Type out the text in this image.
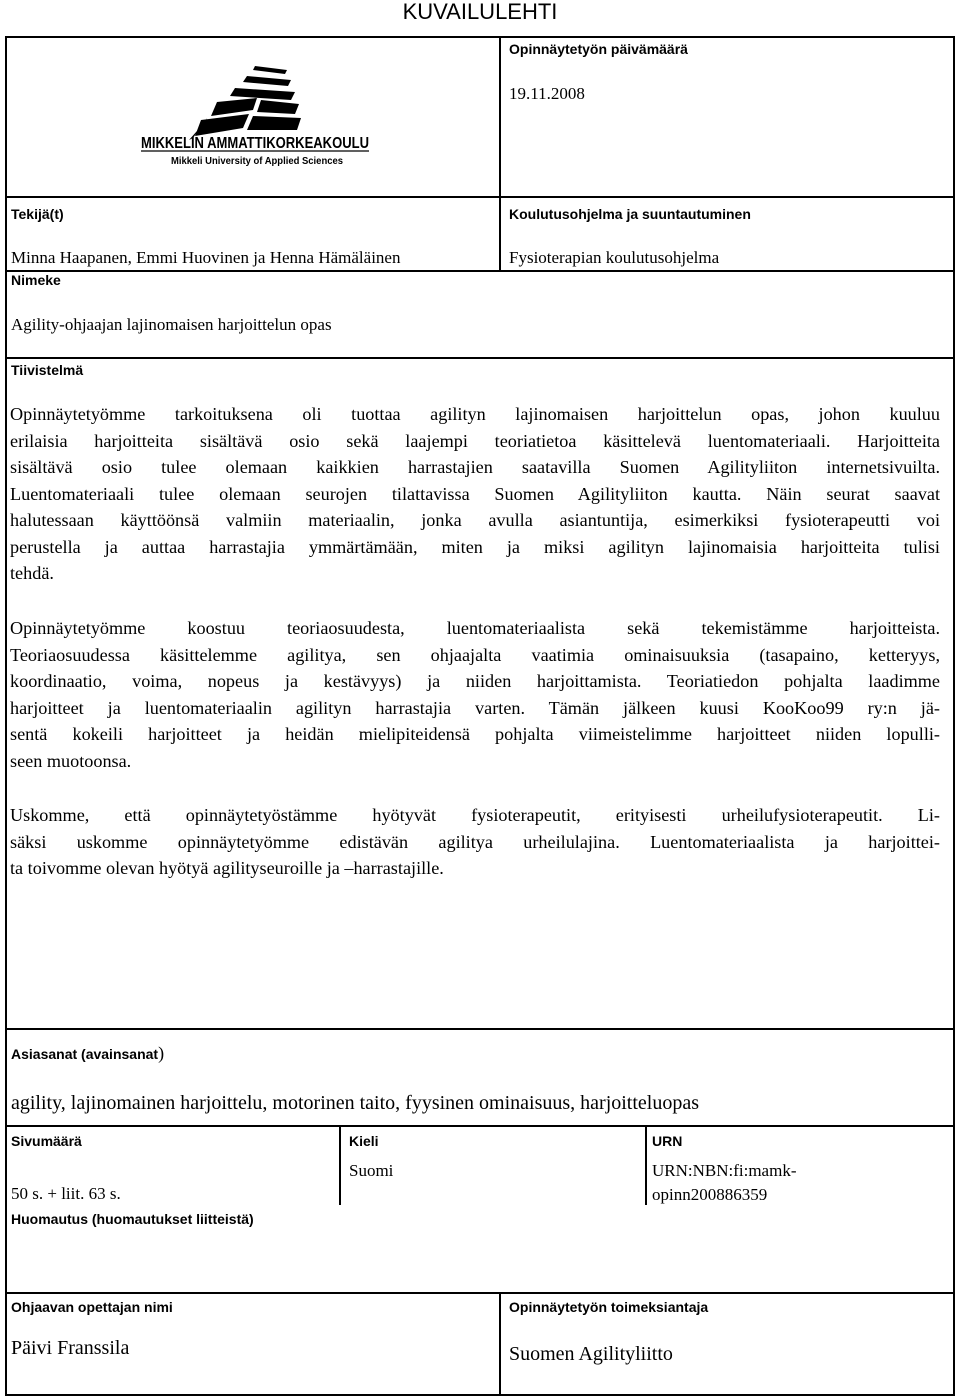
KUVAILULEHTI
MIKKELIN AMMATTIKORKEAKOULU
Mikkeli University of Applied Sciences
Opinnäytetyön päivämäärä
19.11.2008
Tekijä(t)
Minna Haapanen, Emmi Huovinen ja Henna Hämäläinen
Koulutusohjelma ja suuntautuminen
Fysioterapian koulutusohjelma
Nimeke
Agility-ohjaajan lajinomaisen harjoittelun opas
Tiivistelmä

Opinnäytetyömme tarkoituksena oli tuottaa agilityn lajinomaisen harjoittelun opas, johon kuuluu
erilaisia harjoitteita sisältävä osio sekä laajempi teoriatietoa käsittelevä luentomateriaali. Harjoitteita
sisältävä osio tulee olemaan kaikkien harrastajien saatavilla Suomen Agilityliiton internetsivuilta.
Luentomateriaali tulee olemaan seurojen tilattavissa Suomen Agilityliiton kautta. Näin seurat saavat
halutessaan käyttöönsä valmiin materiaalin, jonka avulla asiantuntija, esimerkiksi fysioterapeutti voi
perustella ja auttaa harrastajia ymmärtämään, miten ja miksi agilityn lajinomaisia harjoitteita tulisi
tehdä.

Opinnäytetyömme koostuu teoriaosuudesta, luentomateriaalista sekä tekemistämme harjoitteista.
Teoriaosuudessa käsittelemme agilitya, sen ohjaajalta vaatimia ominaisuuksia (tasapaino, ketteryys,
koordinaatio, voima, nopeus ja kestävyys) ja niiden harjoittamista. Teoriatiedon pohjalta laadimme
harjoitteet ja luentomateriaalin agilityn harrastajia varten. Tämän jälkeen kuusi KooKoo99 ry:n jä-
sentä kokeili harjoitteet ja heidän mielipiteidensä pohjalta viimeistelimme harjoitteet niiden lopulli-
seen muotoonsa.

Uskomme, että opinnäytetyöstämme hyötyvät fysioterapeutit, erityisesti urheilufysioterapeutit. Li-
säksi uskomme opinnäytetyömme edistävän agilitya urheilulajina. Luentomateriaalista ja harjoittei-
ta toivomme olevan hyötyä agilityseuroille ja –harrastajille.

Asiasanat (avainsanat)
agility, lajinomainen harjoittelu, motorinen taito, fyysinen ominaisuus, harjoitteluopas
Sivumäärä
50 s. + liit. 63 s.
Kieli
Suomi
URN
URN:NBN:fi:mamk-
opinn200886359
Huomautus (huomautukset liitteistä)
Ohjaavan opettajan nimi
Päivi Franssila
Opinnäytetyön toimeksiantaja
Suomen Agilityliitto
